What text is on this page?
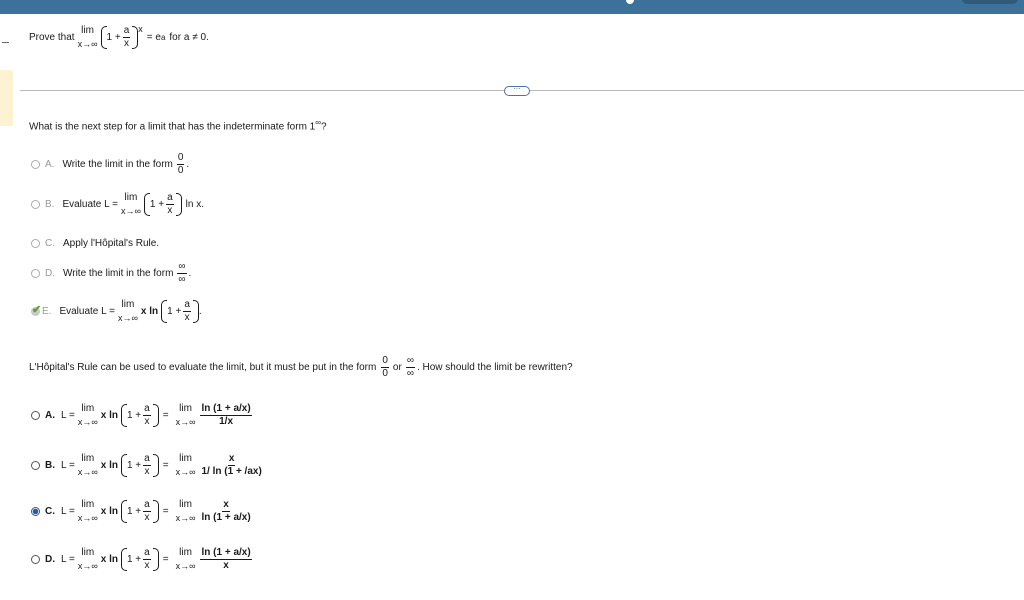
Prove that
lim
x→∞
$1 + \frac{a}{x}$ x
= e a for a ≠ 0.
⋯
What is the next step for a limit that has the indeterminate form 1∞?
A. Write the limit in the form $\frac{0}{0}$ .
B. Evaluate L =
lim
x→∞
$1 + \frac{a}{x}$ ln x.
C. Apply l'Hôpital's Rule.
D. Write the limit in the form $\frac{\infty}{\infty}$ .
✔ E. Evaluate L =
lim
x→∞
x $\ln 1 + \frac{a}{x}$ .
L'Hôpital's Rule can be used to evaluate the limit, but it must be put in the form $\frac{0}{0}$ or $\frac{\infty}{\infty}$ . How should the limit be rewritten?
A. L =
lim
x→∞
x $\ln 1 + \frac{a}{x}$ =
lim
$x\to\infty \frac{\ln (1 + a/x)}{1/x}$
B. L =
lim
x→∞
x $\ln 1 + \frac{a}{x}$ =
lim
$x\to\infty \frac{x}{1/ \ln (1 + /ax)}$
C. L =
lim
x→∞
x $\ln 1 + \frac{a}{x}$ =
lim
$x\to\infty \frac{x}{\ln (1 + a/x)}$
D. L =
lim
x→∞
x $\ln 1 + \frac{a}{x}$ =
lim
$x\to\infty \frac{\ln (1 + a/x)}{x}$
